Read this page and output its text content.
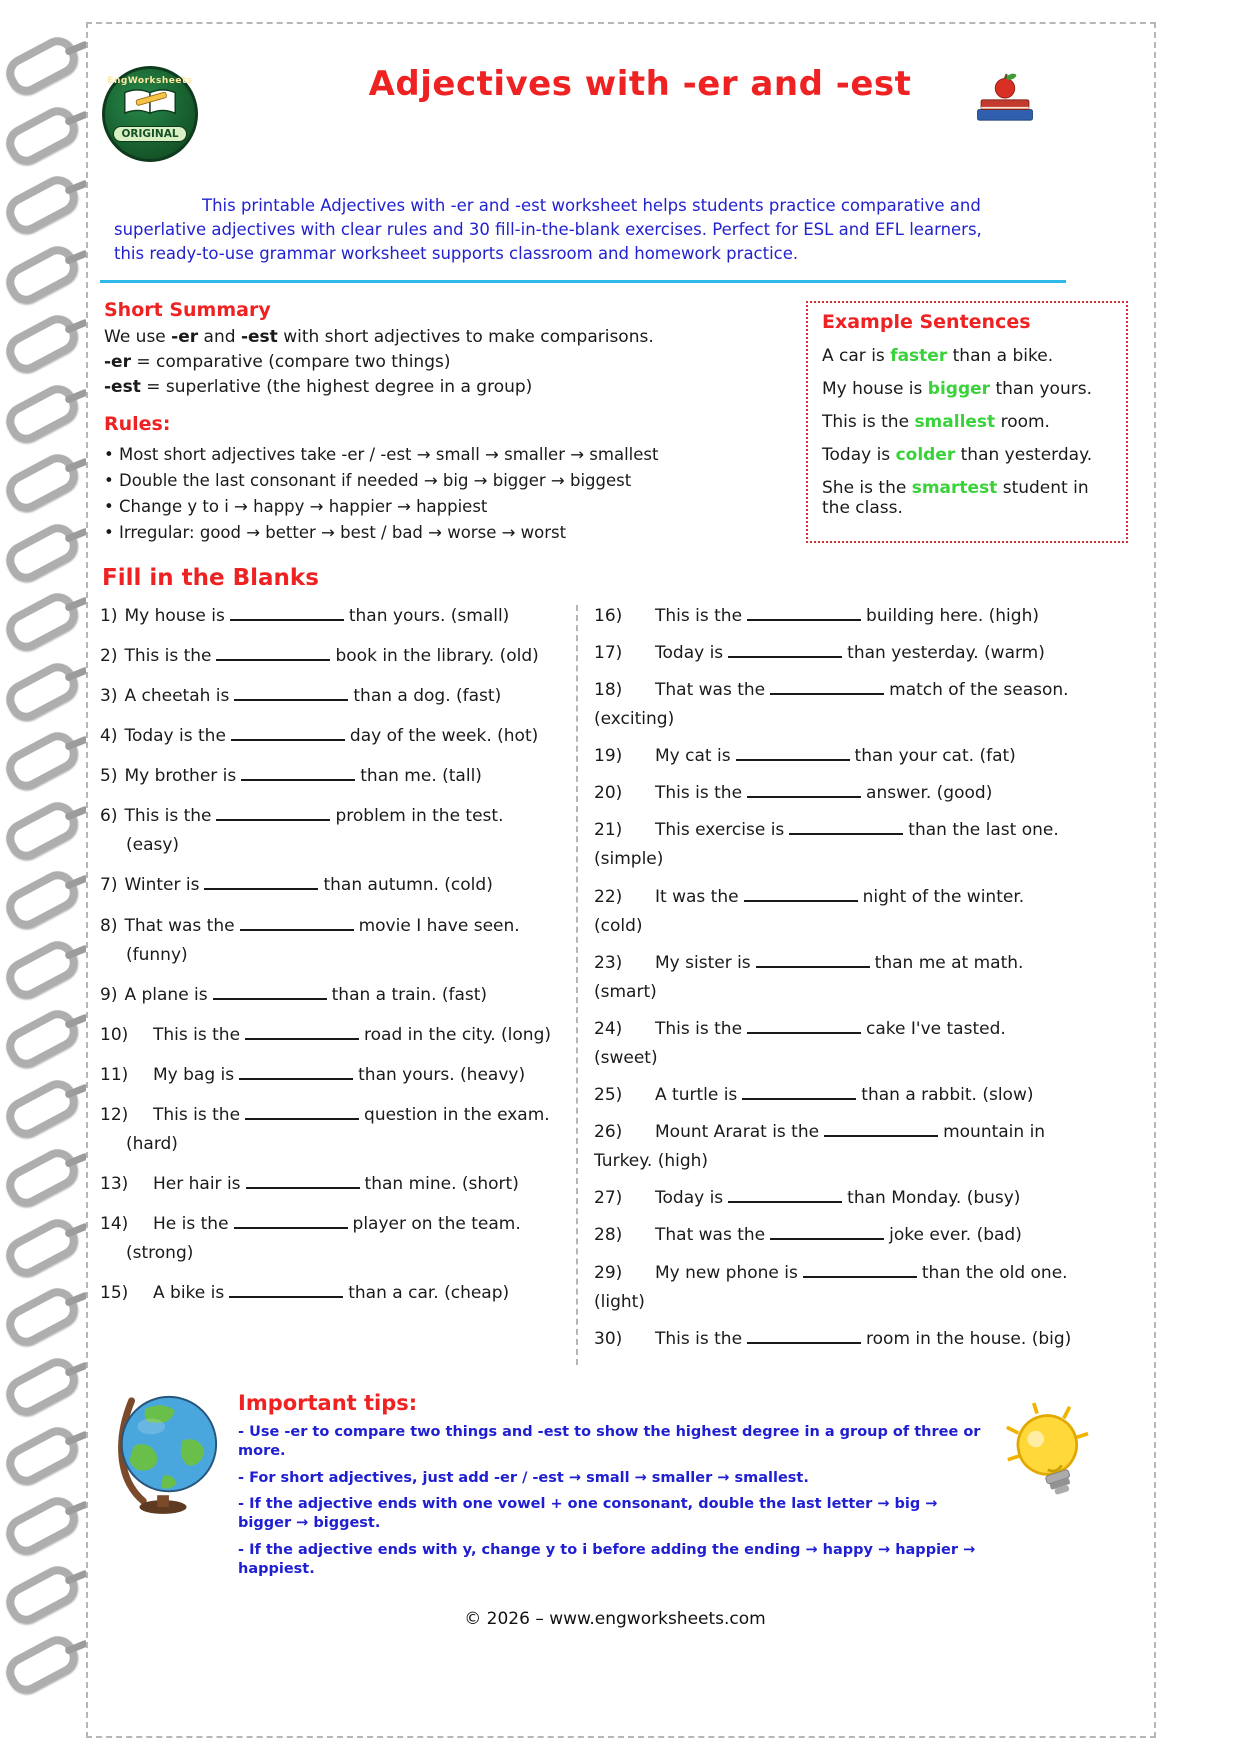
EngWorksheets
ORIGINAL
Adjectives with -er and -est

This printable Adjectives with -er and -est worksheet helps students practice comparative and superlative adjectives with clear rules and 30 fill-in-the-blank exercises. Perfect for ESL and EFL learners, this ready-to-use grammar worksheet supports classroom and homework practice.

Short Summary

We use -er and -est with short adjectives to make comparisons.

-er = comparative (compare two things)

-est = superlative (the highest degree in a group)

Rules:
• Most short adjectives take -er / -est → small → smaller → smallest
• Double the last consonant if needed → big → bigger → biggest
• Change y to i → happy → happier → happiest
• Irregular: good → better → best / bad → worse → worst
Example Sentences

A car is faster than a bike.

My house is bigger than yours.

This is the smallest room.

Today is colder than yesterday.

She is the smartest student in the class.

Fill in the Blanks
1) My house is	than yours. (small)
2) This is the	book in the library. (old)
3) A cheetah is	than a dog. (fast)
4) Today is the	day of the week. (hot)
5) My brother is	than me. (tall)
6) This is the	problem in the test.
(easy)
7) Winter is	than autumn. (cold)
8) That was the	movie I have seen.
(funny)
9) A plane is	than a train. (fast)
10) This is the	road in the city. (long)
11) My bag is	than yours. (heavy)
12) This is the	question in the exam.
(hard)
13) Her hair is	than mine. (short)
14) He is the	player on the team.
(strong)
15) A bike is	than a car. (cheap)
16) This is the	building here. (high)
17) Today is	than yesterday. (warm)
18) That was the	match of the season.
(exciting)
19) My cat is	than your cat. (fat)
20) This is the	answer. (good)
21) This exercise is	than the last one.
(simple)
22) It was the	night of the winter.
(cold)
23) My sister is	than me at math.
(smart)
24) This is the	cake I've tasted.
(sweet)
25) A turtle is	than a rabbit. (slow)
26) Mount Ararat is the	mountain in
Turkey. (high)
27) Today is	than Monday. (busy)
28) That was the	joke ever. (bad)
29) My new phone is	than the old one.
(light)
30) This is the	room in the house. (big)
Important tips:

- Use -er to compare two things and -est to show the highest degree in a group of three or more.

- For short adjectives, just add -er / -est → small → smaller → smallest.

- If the adjective ends with one vowel + one consonant, double the last letter → big → bigger → biggest.

- If the adjective ends with y, change y to i before adding the ending → happy → happier → happiest.

© 2026 – www.engworksheets.com
